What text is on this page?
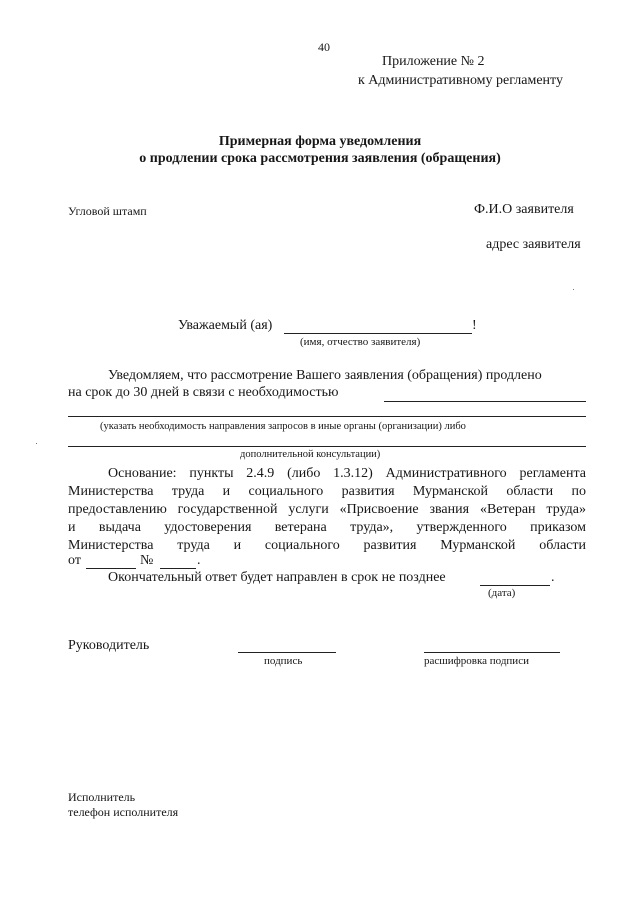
40
Приложение № 2
к Административному регламенту
Примерная форма уведомления
о продлении срока рассмотрения заявления (обращения)
Угловой штамп	Ф.И.О заявителя
адрес заявителя
Уважаемый (ая)	!
(имя, отчество заявителя)
Уведомляем, что рассмотрение Вашего заявления (обращения) продлено
на срок до 30 дней в связи с необходимостью
(указать необходимость направления запросов в иные органы (организации) либо
дополнительной консультации)
Основание: пункты 2.4.9 (либо 1.3.12) Административного регламента
Министерства труда и социального развития Мурманской области по
предоставлению государственной услуги «Присвоение звания «Ветеран труда»
и выдача удостоверения ветерана труда», утвержденного приказом
Министерства труда и социального развития Мурманской области
от	№	.
Окончательный ответ будет направлен в срок не позднее	.
(дата)
Руководитель
подпись	расшифровка подписи
Исполнитель
телефон исполнителя
